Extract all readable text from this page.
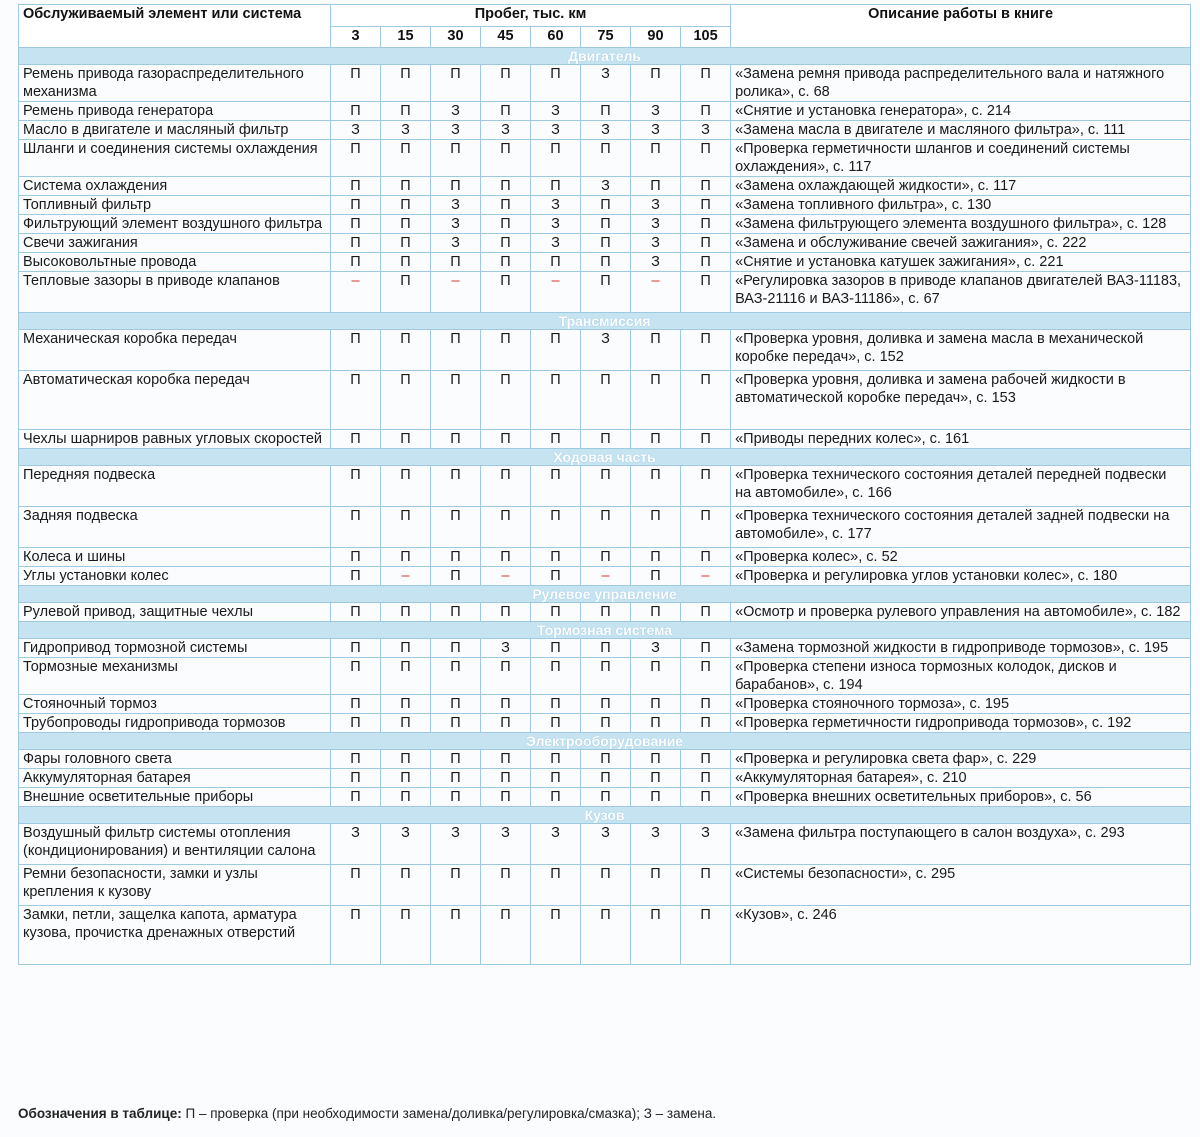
Обслуживаемый элемент или система	Пробег, тыс. км								Описание работы в книге
	3	15	30	45	60	75	90	105	
Двигатель									
Ремень привода газораспределительного механизма	П	П	П	П	П	З	П	П	«Замена ремня привода распределительного вала и натяжного ролика», с. 68
Ремень привода генератора	П	П	З	П	З	П	З	П	«Снятие и установка генератора», с. 214
Масло в двигателе и масляный фильтр	З	З	З	З	З	З	З	З	«Замена масла в двигателе и масляного фильтра», с. 111
Шланги и соединения системы охлаждения	П	П	П	П	П	П	П	П	«Проверка герметичности шлангов и соединений системы охлаждения», с. 117
Система охлаждения	П	П	П	П	П	З	П	П	«Замена охлаждающей жидкости», с. 117
Топливный фильтр	П	П	З	П	З	П	З	П	«Замена топливного фильтра», с. 130
Фильтрующий элемент воздушного фильтра	П	П	З	П	З	П	З	П	«Замена фильтрующего элемента воздушного фильтра», с. 128
Свечи зажигания	П	П	З	П	З	П	З	П	«Замена и обслуживание свечей зажигания», с. 222
Высоковольтные провода	П	П	П	П	П	П	З	П	«Снятие и установка катушек зажигания», с. 221
Тепловые зазоры в приводе клапанов	–	П	–	П	–	П	–	П	«Регулировка зазоров в приводе клапанов двигателей ВАЗ-11183, ВАЗ-21116 и ВАЗ-11186», с. 67
Трансмиссия									
Механическая коробка передач	П	П	П	П	П	З	П	П	«Проверка уровня, доливка и замена масла в механической коробке передач», с. 152
Автоматическая коробка передач	П	П	П	П	П	П	П	П	«Проверка уровня, доливка и замена рабочей жидкости в автоматической коробке передач», с. 153
Чехлы шарниров равных угловых скоростей	П	П	П	П	П	П	П	П	«Приводы передних колес», с. 161
Ходовая часть									
Передняя подвеска	П	П	П	П	П	П	П	П	«Проверка технического состояния деталей передней подвески на автомобиле», с. 166
Задняя подвеска	П	П	П	П	П	П	П	П	«Проверка технического состояния деталей задней подвески на автомобиле», с. 177
Колеса и шины	П	П	П	П	П	П	П	П	«Проверка колес», с. 52
Углы установки колес	П	–	П	–	П	–	П	–	«Проверка и регулировка углов установки колес», с. 180
Рулевое управление									
Рулевой привод, защитные чехлы	П	П	П	П	П	П	П	П	«Осмотр и проверка рулевого управления на автомобиле», с. 182
Тормозная система									
Гидропривод тормозной системы	П	П	П	З	П	П	З	П	«Замена тормозной жидкости в гидроприводе тормозов», с. 195
Тормозные механизмы	П	П	П	П	П	П	П	П	«Проверка степени износа тормозных колодок, дисков и барабанов», с. 194
Стояночный тормоз	П	П	П	П	П	П	П	П	«Проверка стояночного тормоза», с. 195
Трубопроводы гидропривода тормозов	П	П	П	П	П	П	П	П	«Проверка герметичности гидропривода тормозов», с. 192
Электрооборудование									
Фары головного света	П	П	П	П	П	П	П	П	«Проверка и регулировка света фар», с. 229
Аккумуляторная батарея	П	П	П	П	П	П	П	П	«Аккумуляторная батарея», с. 210
Внешние осветительные приборы	П	П	П	П	П	П	П	П	«Проверка внешних осветительных приборов», с. 56
Кузов									
Воздушный фильтр системы отопления (кондиционирования) и вентиляции салона	З	З	З	З	З	З	З	З	«Замена фильтра поступающего в салон воздуха», с. 293
Ремни безопасности, замки и узлы крепления к кузову	П	П	П	П	П	П	П	П	«Системы безопасности», с. 295
Замки, петли, защелка капота, арматура кузова, прочистка дренажных отверстий	П	П	П	П	П	П	П	П	«Кузов», с. 246
Обозначения в таблице: П – проверка (при необходимости замена/доливка/регулировка/смазка); З – замена.
